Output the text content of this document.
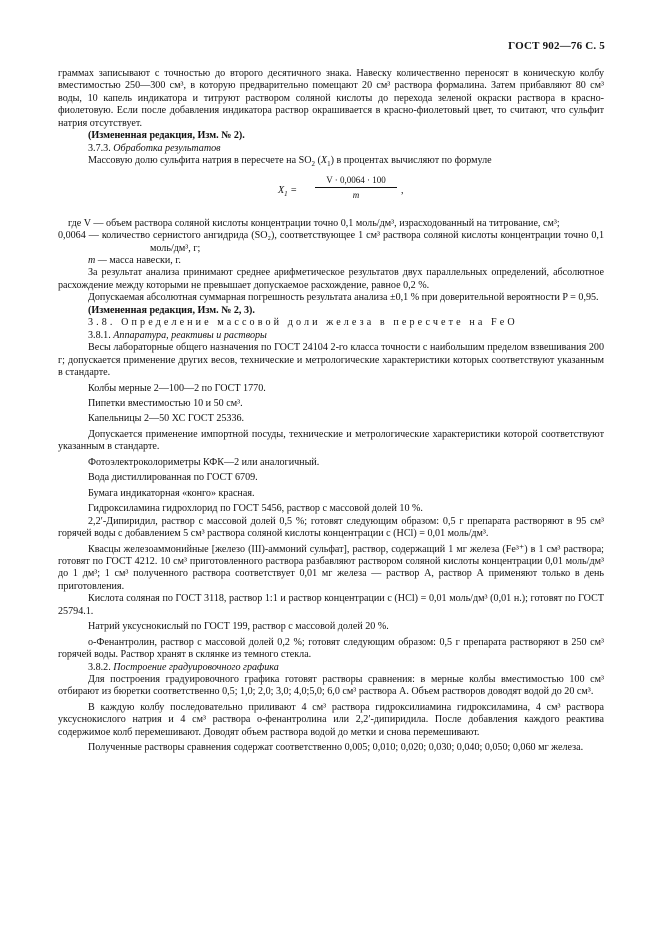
ГОСТ 902—76 С. 5

граммах записывают с точностью до второго десятичного знака. Навеску количественно переносят в коническую колбу вместимостью 250—300 см³, в которую предварительно помещают 20 см³ раствора формалина. Затем прибавляют 80 см³ воды, 10 капель индикатора и титруют раствором соляной кислоты до перехода зеленой окраски раствора в красно-фиолетовую. Если после добавления индикатора раствор окрашивается в красно-фиолетовый цвет, то считают, что сульфит натрия отсутствует.

(Измененная редакция, Изм. № 2).

3.7.3. Обработка результатов

Массовую долю сульфита натрия в пересчете на $SO_2$ $(X_1)$ в процентах вычисляют по формуле

$X_1 = \frac{V \cdot 0,0064 \cdot 100}{m}$ ,

где V — объем раствора соляной кислоты концентрации точно 0,1 моль/дм³, израсходованный на титрование, см³;

0,0064 — количество сернистого ангидрида (SO₂), соответствующее 1 см³ раствора соляной кислоты концентрации точно 0,1 моль/дм³, г;

m — масса навески, г.

За результат анализа принимают среднее арифметическое результатов двух параллельных определений, абсолютное расхождение между которыми не превышает допускаемое расхождение, равное 0,2 %.

Допускаемая абсолютная суммарная погрешность результата анализа ±0,1 % при доверительной вероятности P = 0,95.

(Измененная редакция, Изм. № 2, 3).

3.8. Определение массовой доли железа в пересчете на FeO

3.8.1. Аппаратура, реактивы и растворы

Весы лабораторные общего назначения по ГОСТ 24104 2-го класса точности с наибольшим пределом взвешивания 200 г; допускается применение других весов, технические и метрологические характеристики которых соответствуют указанным в стандарте.

Колбы мерные 2—100—2 по ГОСТ 1770.

Пипетки вместимостью 10 и 50 см³.

Капельницы 2—50 ХС ГОСТ 25336.

Допускается применение импортной посуды, технические и метрологические характеристики которой соответствуют указанным в стандарте.

Фотоэлектроколориметры КФК—2 или аналогичный.

Вода дистиллированная по ГОСТ 6709.

Бумага индикаторная «конго» красная.

Гидроксиламина гидрохлорид по ГОСТ 5456, раствор с массовой долей 10 %.

2,2′-Дипиридил, раствор с массовой долей 0,5 %; готовят следующим образом: 0,5 г препарата растворяют в 95 см³ горячей воды с добавлением 5 см³ раствора соляной кислоты концентрации c (HCl) = 0,01 моль/дм³.

Квасцы железоаммонийные [железо (III)-аммоний сульфат], раствор, содержащий 1 мг железа (Fe³⁺) в 1 см³ раствора; готовят по ГОСТ 4212. 10 см³ приготовленного раствора разбавляют раствором соляной кислоты концентрации 0,01 моль/дм³ до 1 дм³; 1 см³ полученного раствора соответствует 0,01 мг железа — раствор А, раствор А применяют только в день приготовления.

Кислота соляная по ГОСТ 3118, раствор 1:1 и раствор концентрации c (HCl) = 0,01 моль/дм³ (0,01 н.); готовят по ГОСТ 25794.1.

Натрий уксуснокислый по ГОСТ 199, раствор с массовой долей 20 %.

о-Фенантролин, раствор с массовой долей 0,2 %; готовят следующим образом: 0,5 г препарата растворяют в 250 см³ горячей воды. Раствор хранят в склянке из темного стекла.

3.8.2. Построение градуировочного графика

Для построения градуировочного графика готовят растворы сравнения: в мерные колбы вместимостью 100 см³ отбирают из бюретки соответственно 0,5; 1,0; 2,0; 3,0; 4,0;5,0; 6,0 см³ раствора А. Объем растворов доводят водой до 20 см³.

В каждую колбу последовательно приливают 4 см³ раствора гидроксилиамина гидроксиламина, 4 см³ раствора уксуснокислого натрия и 4 см³ раствора о-фенантролина или 2,2′-дипиридила. После добавления каждого реактива содержимое колб перемешивают. Доводят объем раствора водой до метки и снова перемешивают.

Полученные растворы сравнения содержат соответственно 0,005; 0,010; 0,020; 0,030; 0,040; 0,050; 0,060 мг железа.
